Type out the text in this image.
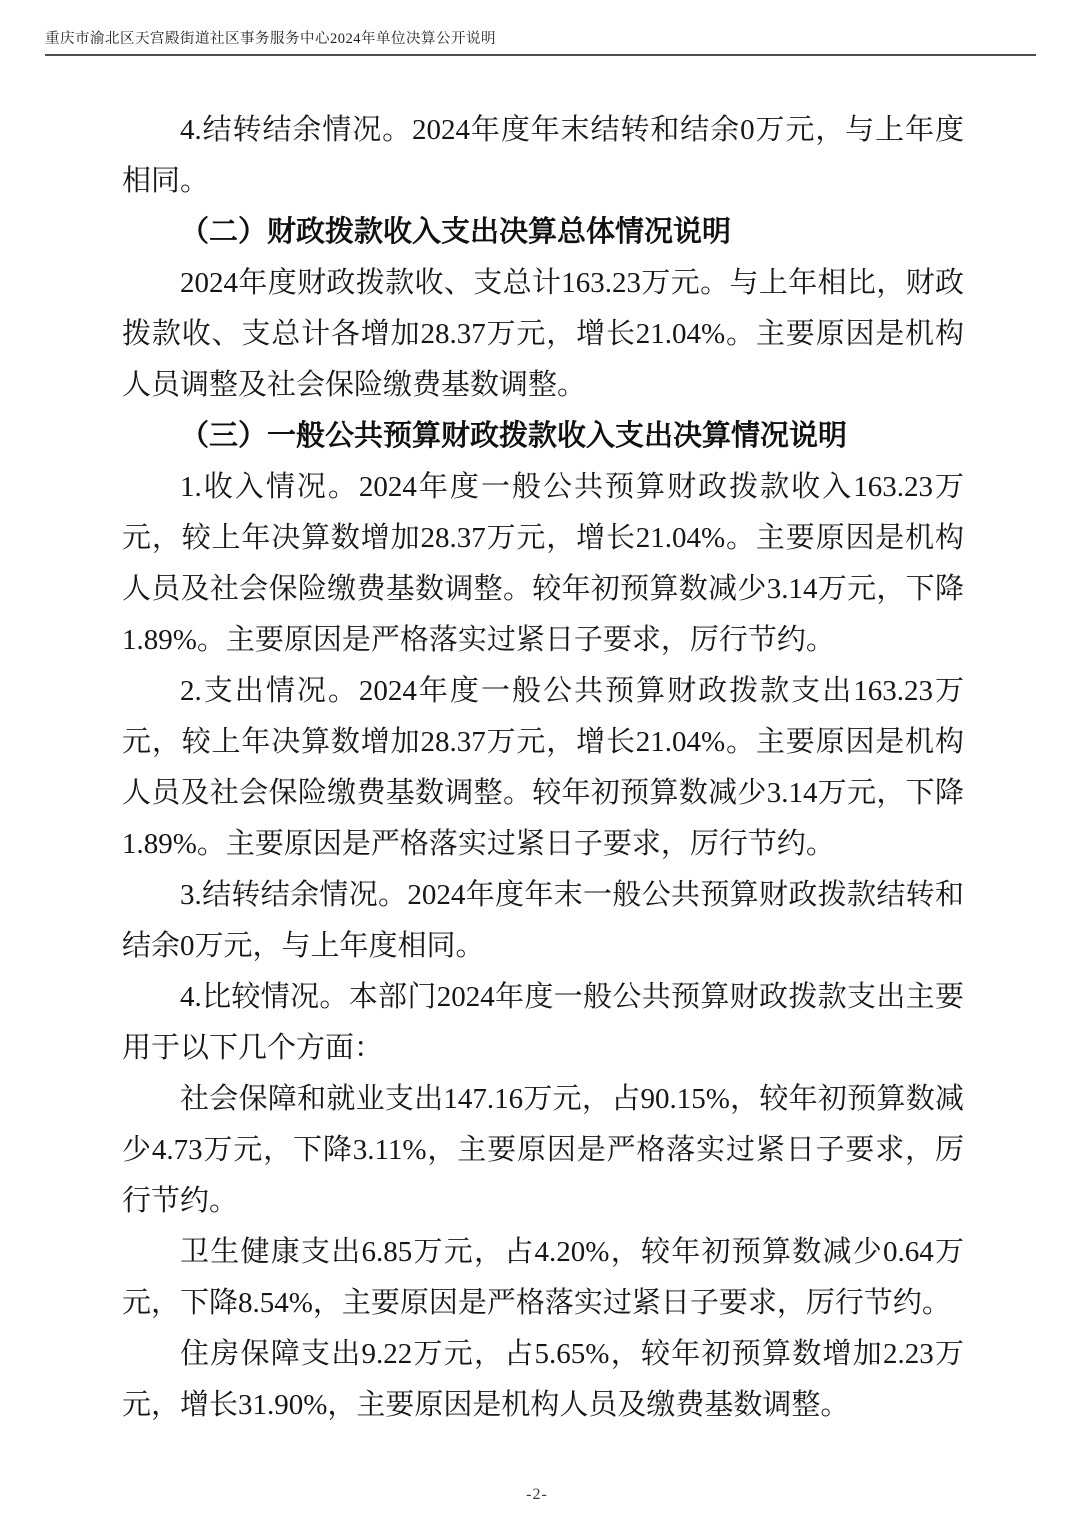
重庆市渝北区天宫殿街道社区事务服务中心2024年单位决算公开说明

4.结转结余情况。2024年度年末结转和结余0万元，与上年度相同。

（二）财政拨款收入支出决算总体情况说明

2024年度财政拨款收、支总计163.23万元。与上年相比，财政拨款收、支总计各增加28.37万元，增长21.04%。主要原因是机构人员调整及社会保险缴费基数调整。

（三）一般公共预算财政拨款收入支出决算情况说明

1.收入情况。2024年度一般公共预算财政拨款收入163.23万元，较上年决算数增加28.37万元，增长21.04%。主要原因是机构人员及社会保险缴费基数调整。较年初预算数减少3.14万元，下降1.89%。主要原因是严格落实过紧日子要求，厉行节约。

2.支出情况。2024年度一般公共预算财政拨款支出163.23万元，较上年决算数增加28.37万元，增长21.04%。主要原因是机构人员及社会保险缴费基数调整。较年初预算数减少3.14万元，下降1.89%。主要原因是严格落实过紧日子要求，厉行节约。

3.结转结余情况。2024年度年末一般公共预算财政拨款结转和结余0万元，与上年度相同。

4.比较情况。本部门2024年度一般公共预算财政拨款支出主要用于以下几个方面：

社会保障和就业支出147.16万元，占90.15%，较年初预算数减少4.73万元，下降3.11%，主要原因是严格落实过紧日子要求，厉行节约。

卫生健康支出6.85万元，占4.20%，较年初预算数减少0.64万元，下降8.54%，主要原因是严格落实过紧日子要求，厉行节约。

住房保障支出9.22万元，占5.65%，较年初预算数增加2.23万元，增长31.90%，主要原因是机构人员及缴费基数调整。

-2-
